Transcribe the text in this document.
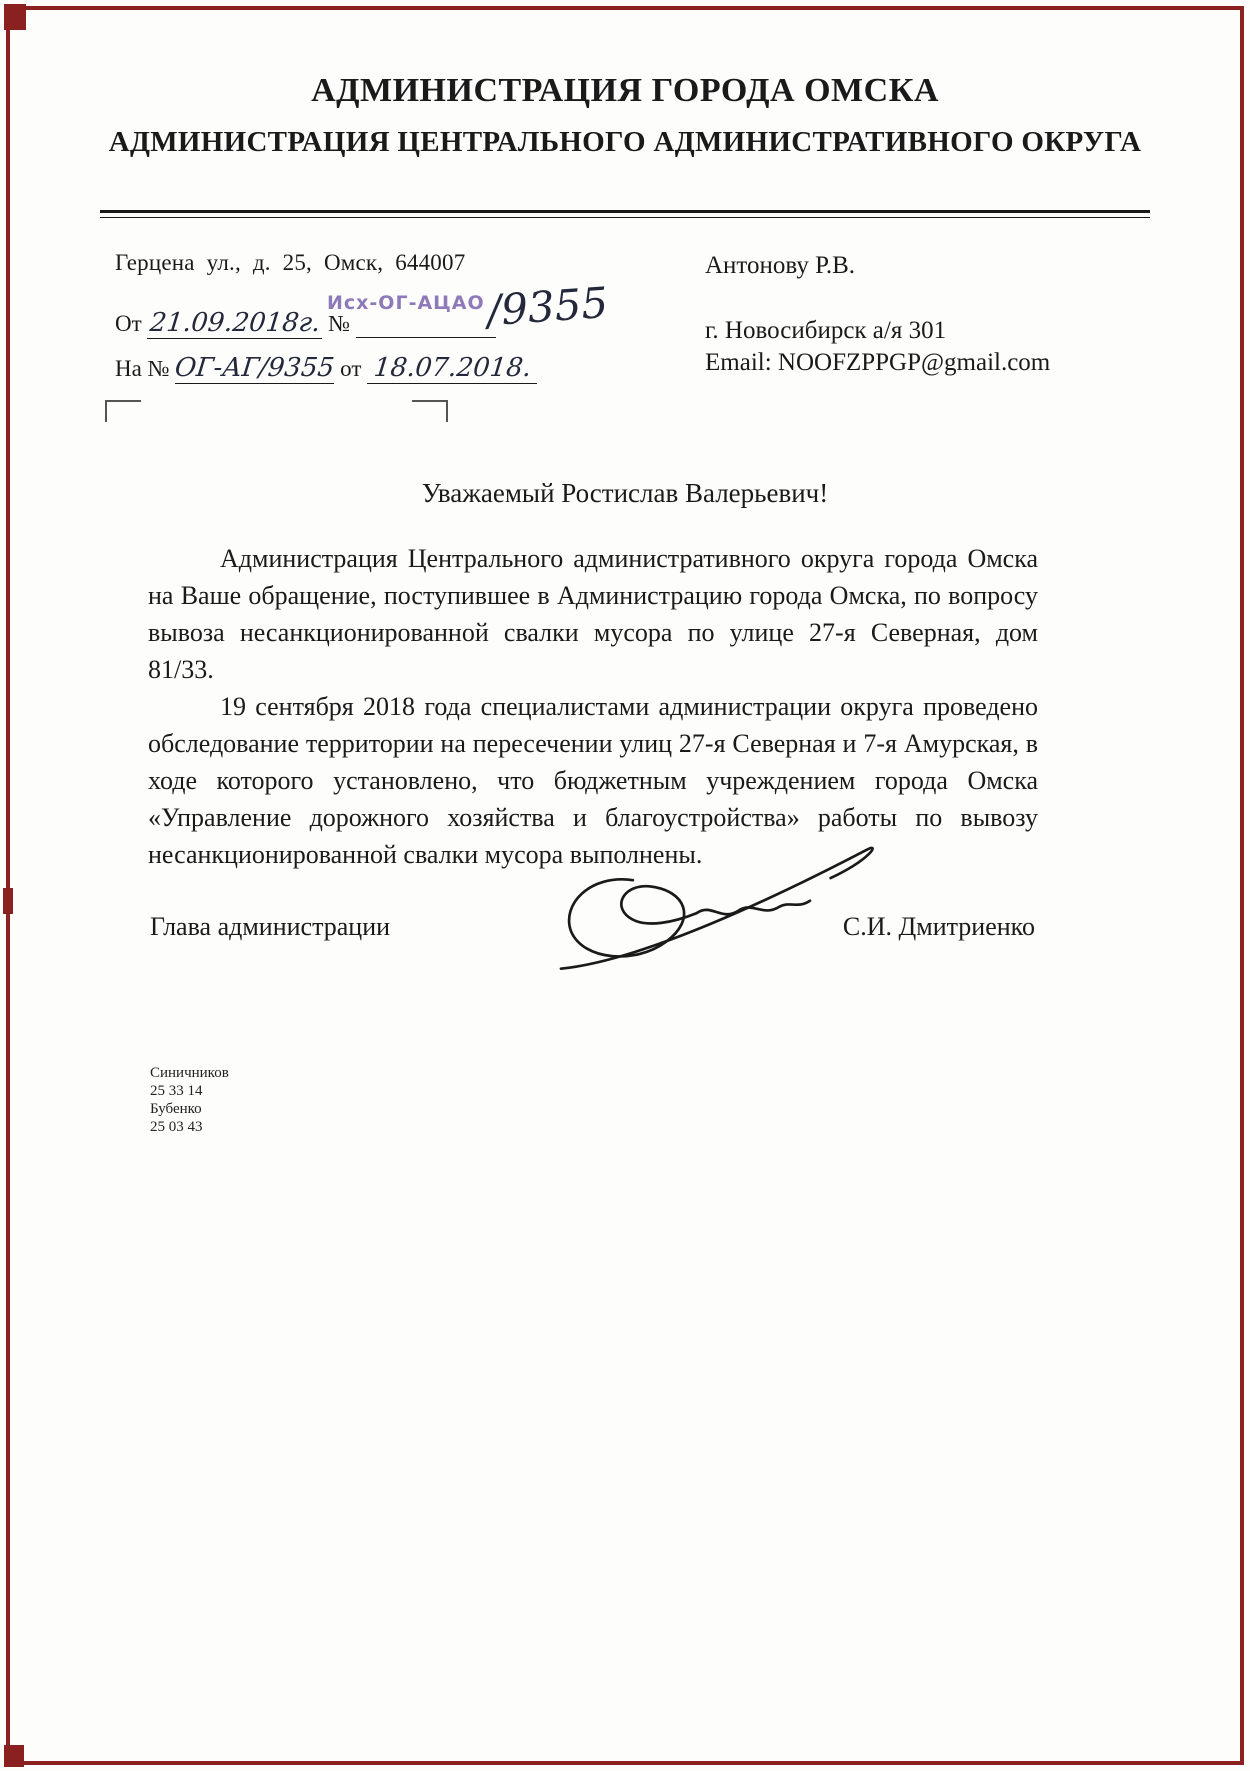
АДМИНИСТРАЦИЯ ГОРОДА ОМСКА
АДМИНИСТРАЦИЯ ЦЕНТРАЛЬНОГО АДМИНИСТРАТИВНОГО ОКРУГА
Герцена ул., д. 25, Омск, 644007
От 21.09.2018г. №
Исх-ОГ-АЦАО /9355
На № ОГ-АГ/9355 от 18.07.2018.
Антонову Р.В.
г. Новосибирск а/я 301
Email: NOOFZPPGP@gmail.com
Уважаемый Ростислав Валерьевич!

Администрация Центрального административного округа города Омска на Ваше обращение, поступившее в Администрацию города Омска, по вопросу вывоза несанкционированной свалки мусора по улице 27-я Северная, дом 81/33.

19 сентября 2018 года специалистами администрации округа проведено обследование территории на пересечении улиц 27-я Северная и 7-я Амурская, в ходе которого установлено, что бюджетным учреждением города Омска «Управление дорожного хозяйства и благоустройства» работы по вывозу несанкционированной свалки мусора выполнены.

Глава администрации	С.И. Дмитриенко
Синичников
25 33 14
Бубенко
25 03 43
